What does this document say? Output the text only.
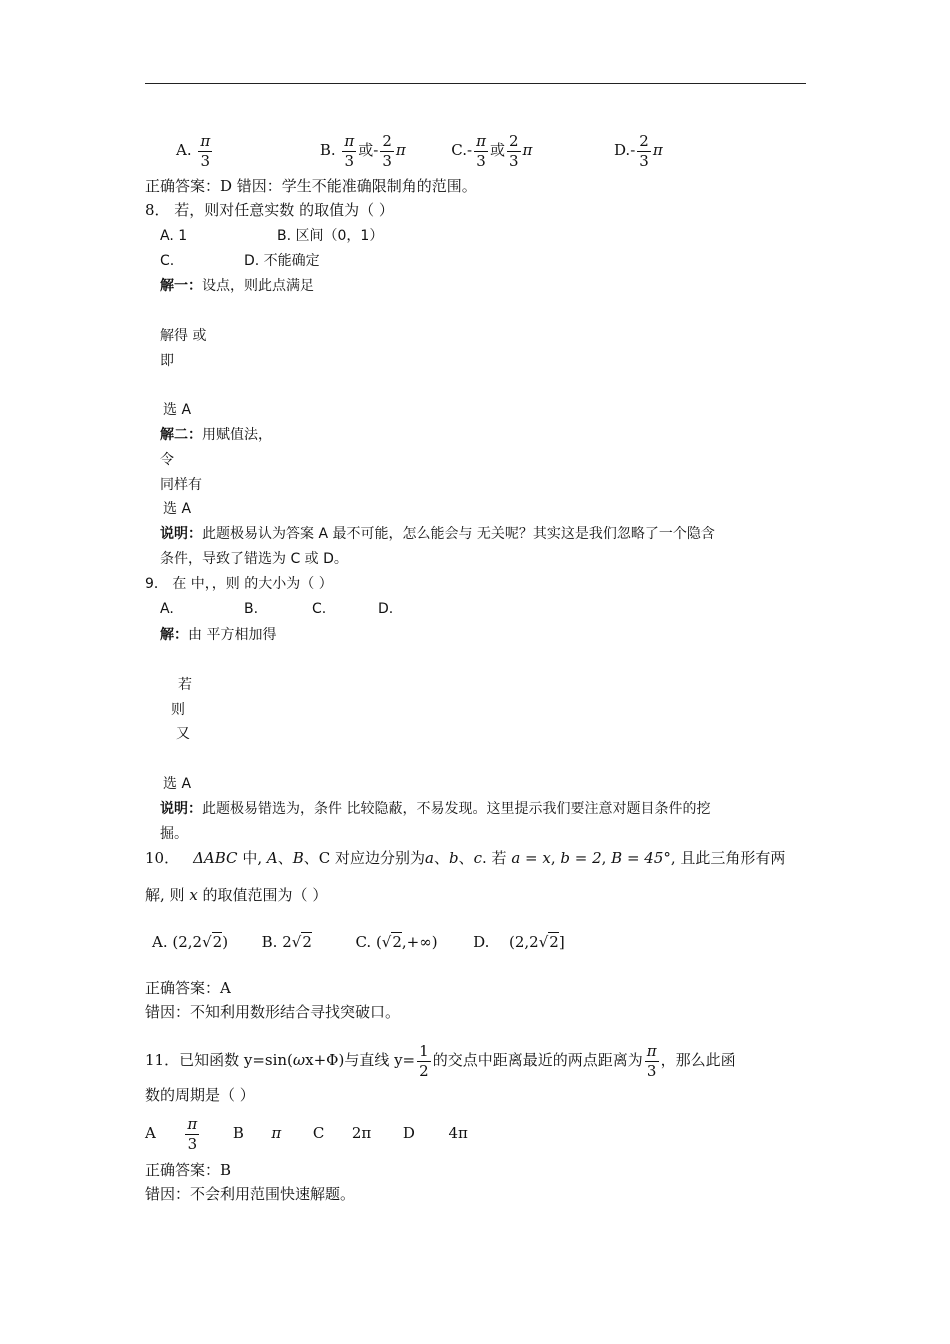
A. $\frac{\pi}{3}$	B. $\frac{\pi}{3}$ 或- $\frac{2}{3}$ π	$C.- \frac{\pi}{3}$ 或 $\frac{2}{3}$ π	$D.- \frac{2}{3}$ π
正确答案：D 错因：学生不能准确限制角的范围。
8． 若，则对任意实数 的取值为（ ）
A. 1	B. 区间（0，1）
C.	D. 不能确定
解一：设点，则此点满足
解得 或
即
选 A
解二：用赋值法，
令
同样有
选 A
说明：此题极易认为答案 A 最不可能，怎么能会与 无关呢？其实这是我们忽略了一个隐含
条件，导致了错选为 C 或 D。
9． 在 中，，则 的大小为（ ）
A.	B.	C.	D.
解：由 平方相加得
若
则
又
选 A
说明：此题极易错选为，条件 比较隐蔽，不易发现。这里提示我们要注意对题目条件的挖
掘。
10． ΔABC 中, A、B、C 对应边分别为a、b、c. 若 a = x, b = 2, B = 45°, 且此三角形有两
解, 则 x 的取值范围为（ ）
A. (2,2√2) B. 2√2	C. (√2,+∞) D. (2,2√2]
正确答案：A
错因：不知利用数形结合寻找突破口。
11．已知函数 y=sin(ωx+Φ)与直线 $y= \frac{1}{2}$ 的交点中距离最近的两点距离为 $\frac{\pi}{3}$ ，那么此函
数的周期是（ ）
A $\frac{\pi}{3}$ B π C 2π D 4π
正确答案：B
错因：不会利用范围快速解题。
